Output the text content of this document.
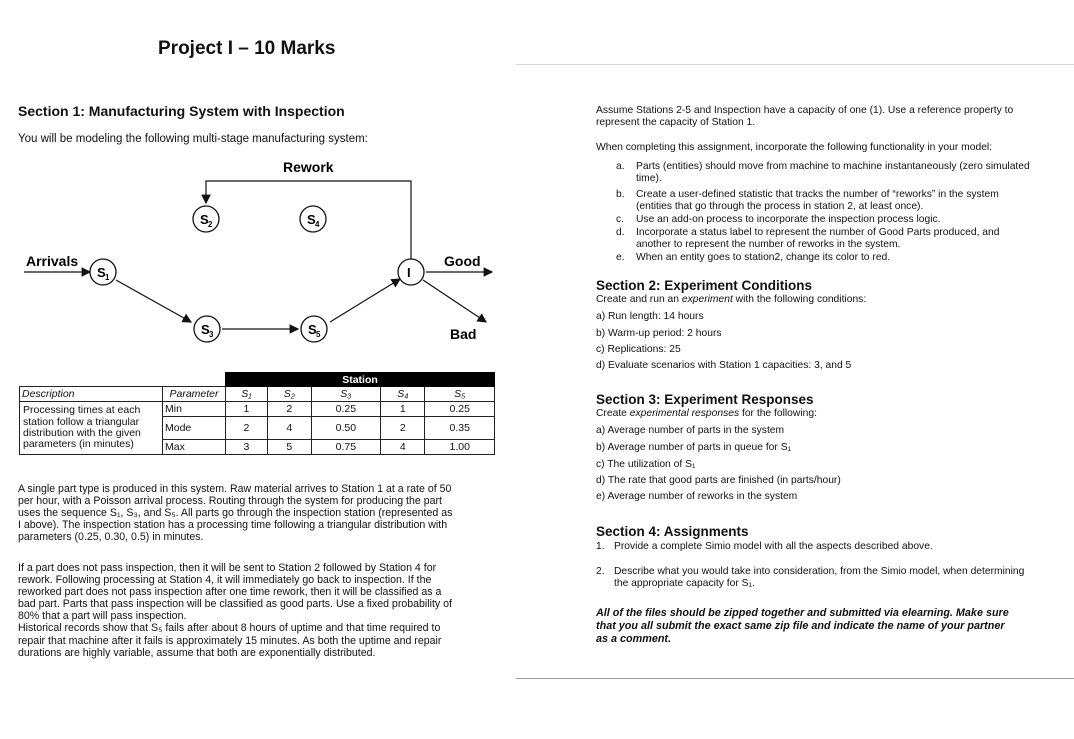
Project I – 10 Marks
Section 1: Manufacturing System with Inspection
You will be modeling the following multi-stage manufacturing system:
Rework
Arrivals	Good
Bad
S 1
S 2
S 3
S 4
S 5
I
		Station				
Description	Parameter	S₁	S₂	S₃	S₄	S₅

Processing times at each
station follow a triangular
distribution with the given
parameters (in minutes)	Min	1	2	0.25	1	0.25
	Mode	2	4	0.50	2	0.35
	Max	3	5	0.75	4	1.00
A single part type is produced in this system. Raw material arrives to Station 1 at a rate of 50
per hour, with a Poisson arrival process. Routing through the system for producing the part
uses the sequence S₁, S₃, and S₅. All parts go through the inspection station (represented as
I above). The inspection station has a processing time following a triangular distribution with
parameters (0.25, 0.30, 0.5) in minutes.
If a part does not pass inspection, then it will be sent to Station 2 followed by Station 4 for
rework. Following processing at Station 4, it will immediately go back to inspection. If the
reworked part does not pass inspection after one time rework, then it will be classified as a
bad part. Parts that pass inspection will be classified as good parts. Use a fixed probability of
80% that a part will pass inspection.
Historical records show that S₅ fails after about 8 hours of uptime and that time required to
repair that machine after it fails is approximately 15 minutes. As both the uptime and repair
durations are highly variable, assume that both are exponentially distributed.
Assume Stations 2-5 and Inspection have a capacity of one (1). Use a reference property to
represent the capacity of Station 1.
When completing this assignment, incorporate the following functionality in your model:
a. Parts (entities) should move from machine to machine instantaneously (zero simulated
time).
b. Create a user-defined statistic that tracks the number of “reworks” in the system
(entities that go through the process in station 2, at least once).
c. Use an add-on process to incorporate the inspection process logic.
d. Incorporate a status label to represent the number of Good Parts produced, and
another to represent the number of reworks in the system.
e. When an entity goes to station2, change its color to red.
Section 2: Experiment Conditions
Create and run an experiment with the following conditions:
a) Run length: 14 hours
b) Warm-up period: 2 hours
c) Replications: 25
d) Evaluate scenarios with Station 1 capacities: 3, and 5
Section 3: Experiment Responses
Create experimental responses for the following:
a) Average number of parts in the system
b) Average number of parts in queue for S₁
c) The utilization of S₁
d) The rate that good parts are finished (in parts/hour)
e) Average number of reworks in the system
Section 4: Assignments
1. Provide a complete Simio model with all the aspects described above.
2. Describe what you would take into consideration, from the Simio model, when determining
the appropriate capacity for S₁.
All of the files should be zipped together and submitted via elearning. Make sure
that you all submit the exact same zip file and indicate the name of your partner
as a comment.
